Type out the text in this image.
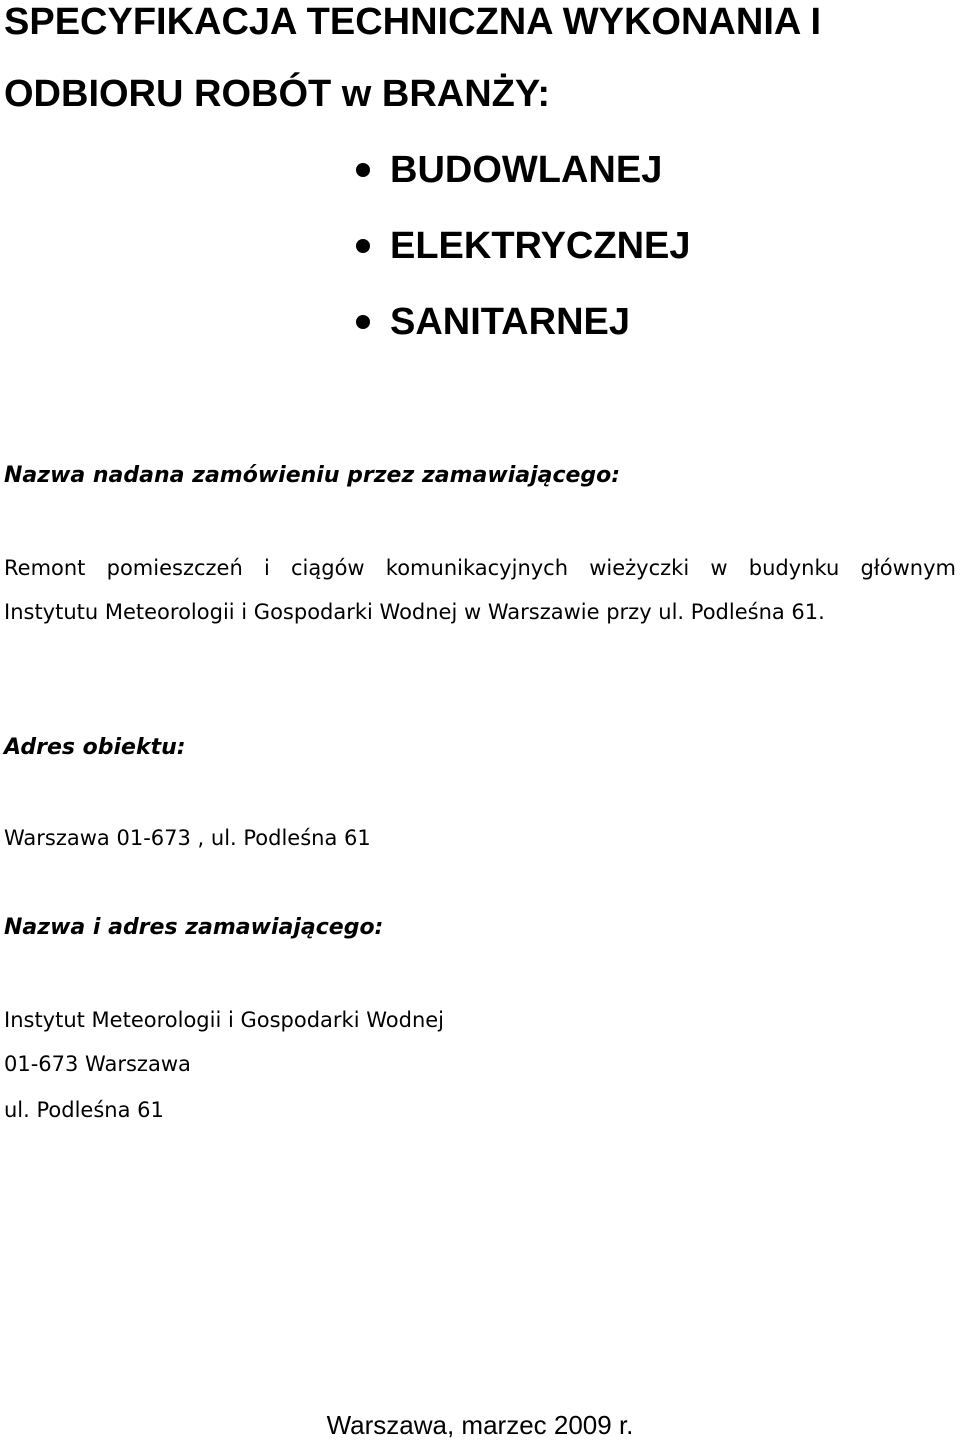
SPECYFIKACJA TECHNICZNA WYKONANIA I
ODBIORU ROBÓT w BRANŻY:
BUDOWLANEJ
ELEKTRYCZNEJ
SANITARNEJ
Nazwa nadana zamówieniu przez zamawiającego:

Remont pomieszczeń i ciągów komunikacyjnych wieżyczki w budynku głównym

Instytutu Meteorologii i Gospodarki Wodnej w Warszawie przy ul. Podleśna 61.

Adres obiektu:

Warszawa 01-673 , ul. Podleśna 61

Nazwa i adres zamawiającego:

Instytut Meteorologii i Gospodarki Wodnej

01-673 Warszawa

ul. Podleśna 61

Warszawa, marzec 2009 r.
